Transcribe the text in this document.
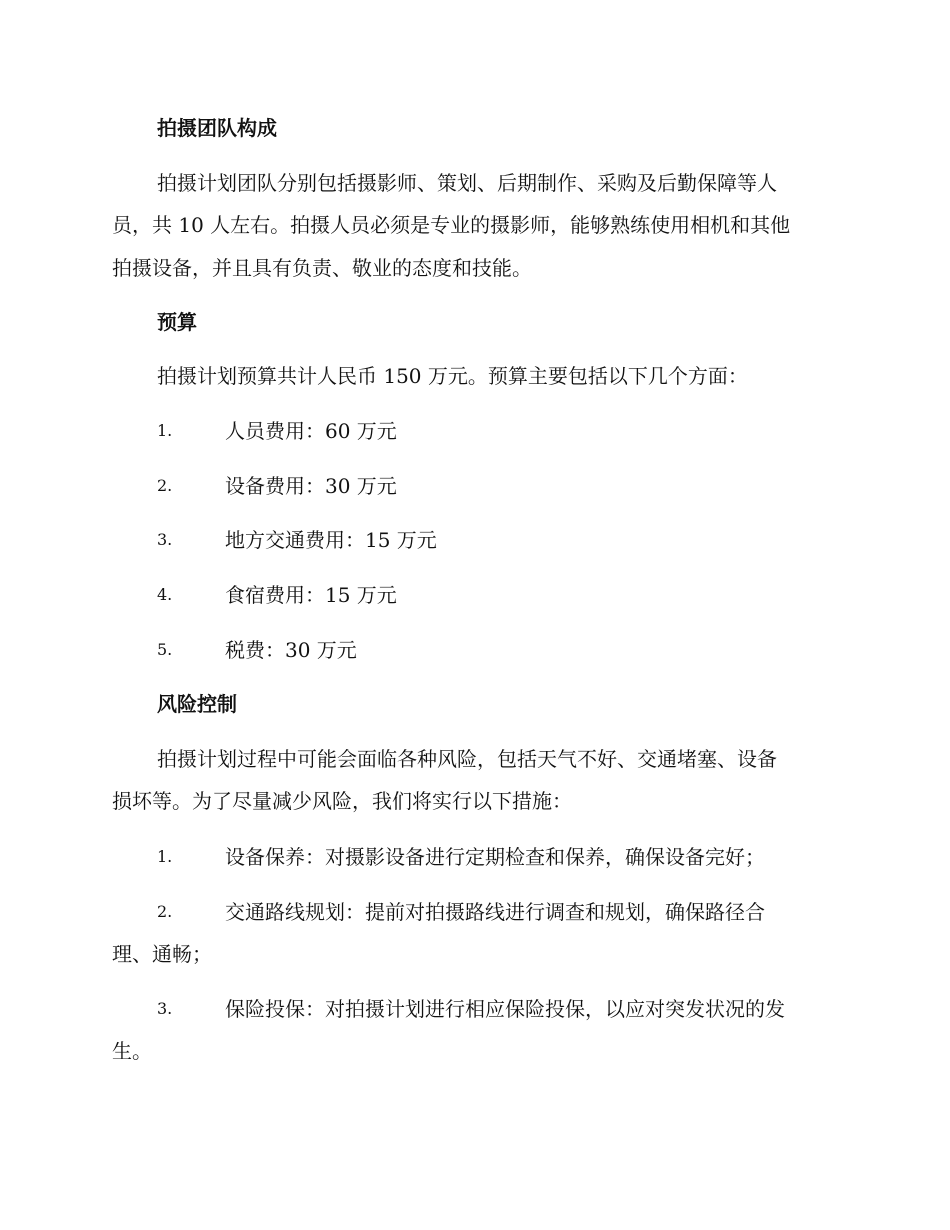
拍摄团队构成
拍摄计划团队分别包括摄影师、策划、后期制作、采购及后勤保障等人
员，共 10 人左右。拍摄人员必须是专业的摄影师，能够熟练使用相机和其他
拍摄设备，并且具有负责、敬业的态度和技能。
预算
拍摄计划预算共计人民币 150 万元。预算主要包括以下几个方面：
1.	人员费用：60 万元
2.	设备费用：30 万元
3.	地方交通费用：15 万元
4.	食宿费用：15 万元
5.	税费：30 万元
风险控制
拍摄计划过程中可能会面临各种风险，包括天气不好、交通堵塞、设备
损坏等。为了尽量减少风险，我们将实行以下措施：
1.	设备保养：对摄影设备进行定期检查和保养，确保设备完好；
2.	交通路线规划：提前对拍摄路线进行调查和规划，确保路径合
理、通畅；
3.	保险投保：对拍摄计划进行相应保险投保，以应对突发状况的发
生。
